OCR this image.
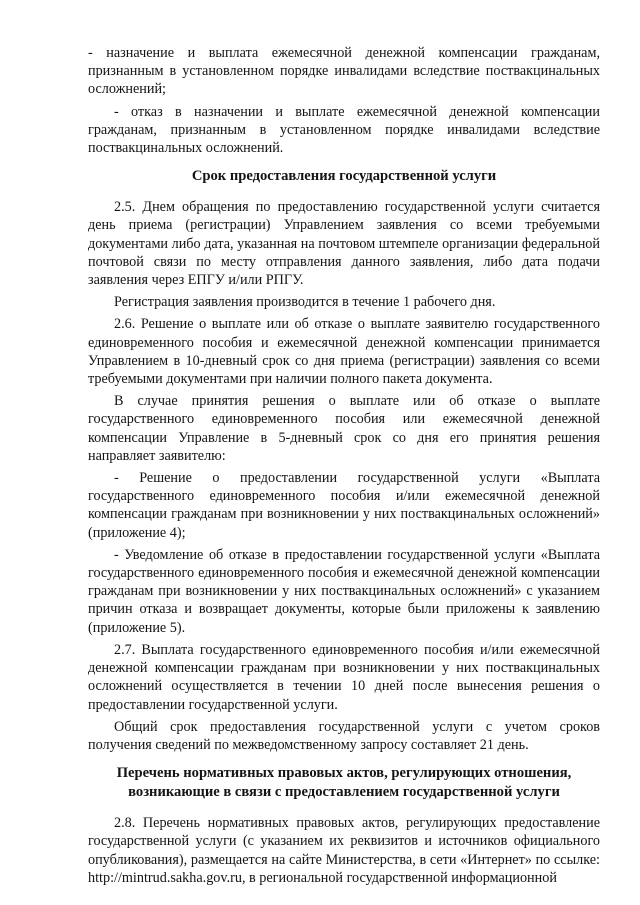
- назначение и выплата ежемесячной денежной компенсации гражданам, признанным в установленном порядке инвалидами вследствие поствакцинальных осложнений;

- отказ в назначении и выплате ежемесячной денежной компенсации гражданам, признанным в установленном порядке инвалидами вследствие поствакцинальных осложнений.

Срок предоставления государственной услуги

2.5. Днем обращения по предоставлению государственной услуги считается день приема (регистрации) Управлением заявления со всеми требуемыми документами либо дата, указанная на почтовом штемпеле организации федеральной почтовой связи по месту отправления данного заявления, либо дата подачи заявления через ЕПГУ и/или РПГУ.

Регистрация заявления производится в течение 1 рабочего дня.

2.6. Решение о выплате или об отказе о выплате заявителю государственного единовременного пособия и ежемесячной денежной компенсации принимается Управлением в 10-дневный срок со дня приема (регистрации) заявления со всеми требуемыми документами при наличии полного пакета документа.

В случае принятия решения о выплате или об отказе о выплате государственного единовременного пособия или ежемесячной денежной компенсации Управление в 5-дневный срок со дня его принятия решения направляет заявителю:

- Решение о предоставлении государственной услуги «Выплата государственного единовременного пособия и/или ежемесячной денежной компенсации гражданам при возникновении у них поствакцинальных осложнений» (приложение 4);

- Уведомление об отказе в предоставлении государственной услуги «Выплата государственного единовременного пособия и ежемесячной денежной компенсации гражданам при возникновении у них поствакцинальных осложнений» с указанием причин отказа и возвращает документы, которые были приложены к заявлению (приложение 5).

2.7. Выплата государственного единовременного пособия и/или ежемесячной денежной компенсации гражданам при возникновении у них поствакцинальных осложнений осуществляется в течении 10 дней после вынесения решения о предоставлении государственной услуги.

Общий срок предоставления государственной услуги с учетом сроков получения сведений по межведомственному запросу составляет 21 день.

Перечень нормативных правовых актов, регулирующих отношения,
возникающие в связи с предоставлением государственной услуги

2.8. Перечень нормативных правовых актов, регулирующих предоставление государственной услуги (с указанием их реквизитов и источников официального опубликования), размещается на сайте Министерства, в сети «Интернет» по ссылке: http://mintrud.sakha.gov.ru, в региональной государственной информационной
